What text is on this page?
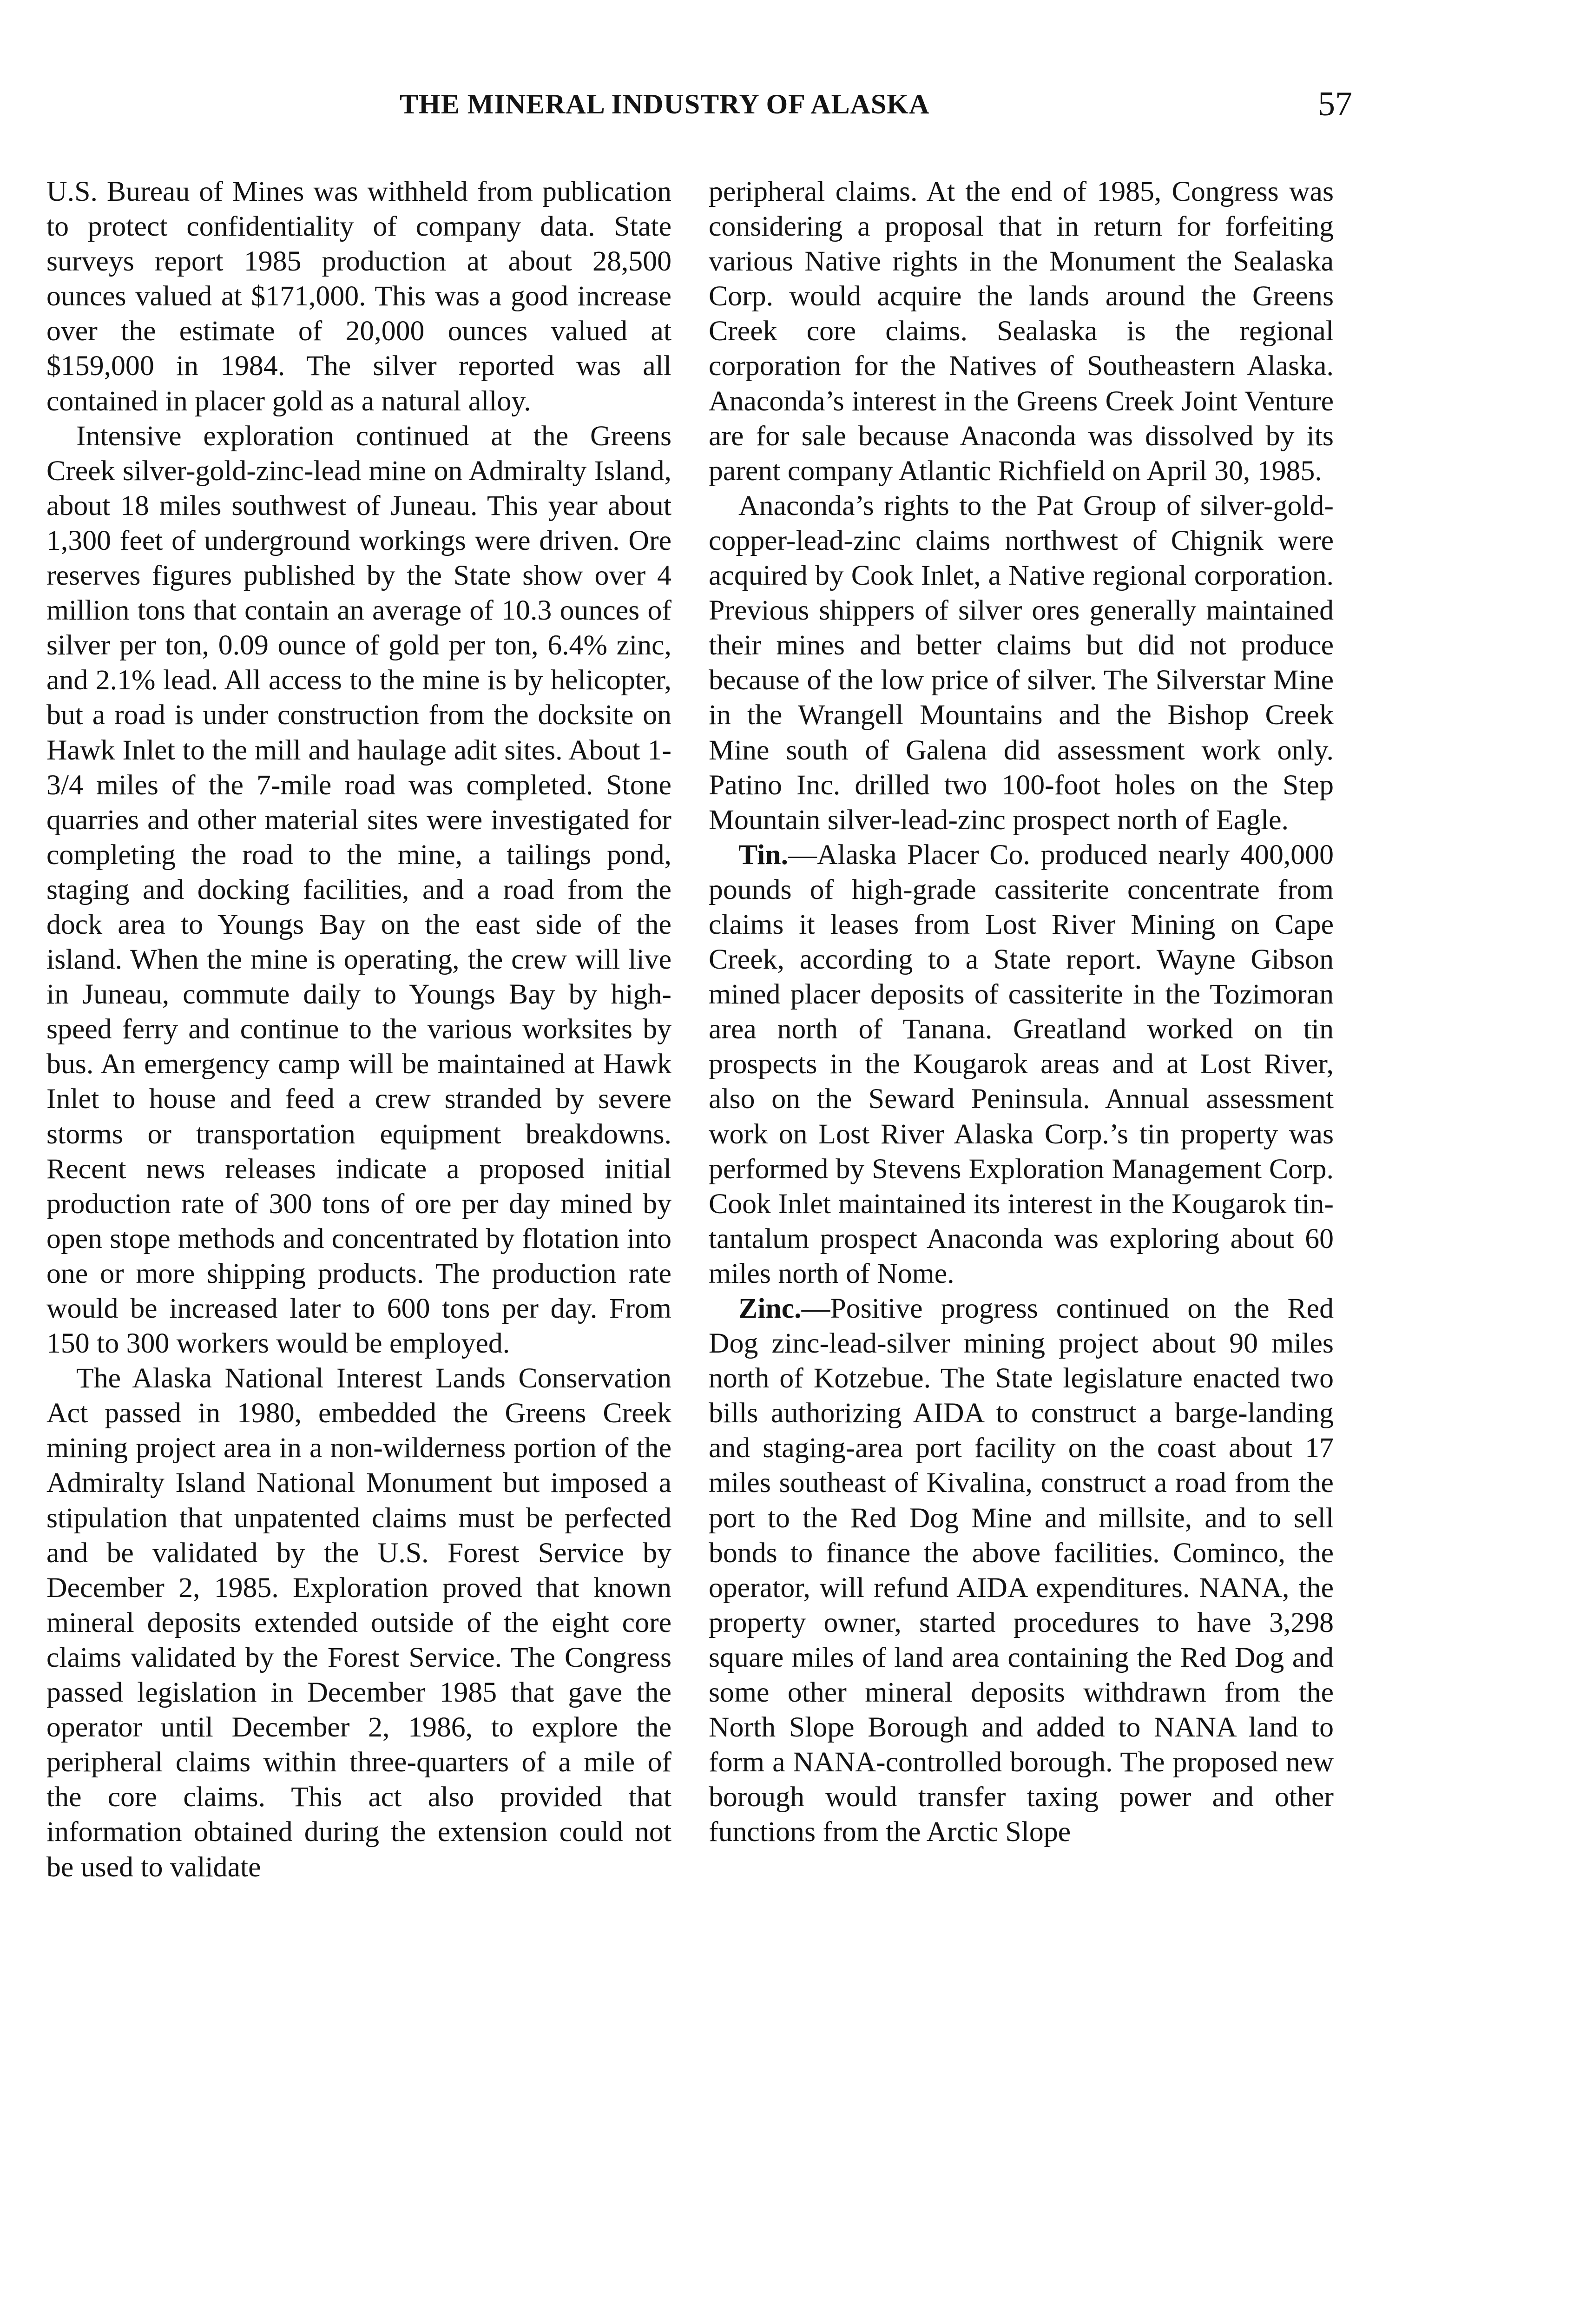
THE MINERAL INDUSTRY OF ALASKA	57

U.S. Bureau of Mines was withheld from publication to protect confidentiality of company data. State surveys report 1985 production at about 28,500 ounces valued at $171,000. This was a good increase over the estimate of 20,000 ounces valued at $159,000 in 1984. The silver reported was all contained in placer gold as a natural alloy.

Intensive exploration continued at the Greens Creek silver-gold-zinc-lead mine on Admiralty Island, about 18 miles southwest of Juneau. This year about 1,300 feet of underground workings were driven. Ore reserves figures published by the State show over 4 million tons that contain an average of 10.3 ounces of silver per ton, 0.09 ounce of gold per ton, 6.4% zinc, and 2.1% lead. All access to the mine is by helicopter, but a road is under construction from the docksite on Hawk Inlet to the mill and haulage adit sites. About 1-3/4 miles of the 7-mile road was completed. Stone quarries and other material sites were investigated for completing the road to the mine, a tailings pond, staging and docking facilities, and a road from the dock area to Youngs Bay on the east side of the island. When the mine is operating, the crew will live in Juneau, commute daily to Youngs Bay by high-speed ferry and continue to the various worksites by bus. An emergency camp will be maintained at Hawk Inlet to house and feed a crew stranded by severe storms or transportation equipment breakdowns. Recent news releases indicate a proposed initial production rate of 300 tons of ore per day mined by open stope methods and concentrated by flotation into one or more shipping products. The production rate would be increased later to 600 tons per day. From 150 to 300 workers would be employed.

The Alaska National Interest Lands Conservation Act passed in 1980, embedded the Greens Creek mining project area in a non-wilderness portion of the Admiralty Island National Monument but imposed a stipulation that unpatented claims must be perfected and be validated by the U.S. Forest Service by December 2, 1985. Exploration proved that known mineral deposits extended outside of the eight core claims validated by the Forest Service. The Congress passed legislation in December 1985 that gave the operator until December 2, 1986, to explore the peripheral claims within three-quarters of a mile of the core claims. This act also provided that information obtained during the extension could not be used to validate

peripheral claims. At the end of 1985, Congress was considering a proposal that in return for forfeiting various Native rights in the Monument the Sealaska Corp. would acquire the lands around the Greens Creek core claims. Sealaska is the regional corporation for the Natives of Southeastern Alaska. Anaconda’s interest in the Greens Creek Joint Venture are for sale because Anaconda was dissolved by its parent company Atlantic Richfield on April 30, 1985.

Anaconda’s rights to the Pat Group of silver-gold-copper-lead-zinc claims northwest of Chignik were acquired by Cook Inlet, a Native regional corporation. Previous shippers of silver ores generally maintained their mines and better claims but did not produce because of the low price of silver. The Silverstar Mine in the Wrangell Mountains and the Bishop Creek Mine south of Galena did assessment work only. Patino Inc. drilled two 100-foot holes on the Step Mountain silver-lead-zinc prospect north of Eagle.

Tin.—Alaska Placer Co. produced nearly 400,000 pounds of high-grade cassiterite concentrate from claims it leases from Lost River Mining on Cape Creek, according to a State report. Wayne Gibson mined placer deposits of cassiterite in the Tozimoran area north of Tanana. Greatland worked on tin prospects in the Kougarok areas and at Lost River, also on the Seward Peninsula. Annual assessment work on Lost River Alaska Corp.’s tin property was performed by Stevens Exploration Management Corp. Cook Inlet maintained its interest in the Kougarok tin-tantalum prospect Anaconda was exploring about 60 miles north of Nome.

Zinc.—Positive progress continued on the Red Dog zinc-lead-silver mining project about 90 miles north of Kotzebue. The State legislature enacted two bills authorizing AIDA to construct a barge-landing and staging-area port facility on the coast about 17 miles southeast of Kivalina, construct a road from the port to the Red Dog Mine and millsite, and to sell bonds to finance the above facilities. Cominco, the operator, will refund AIDA expenditures. NANA, the property owner, started procedures to have 3,298 square miles of land area containing the Red Dog and some other mineral deposits withdrawn from the North Slope Borough and added to NANA land to form a NANA-controlled borough. The proposed new borough would transfer taxing power and other functions from the Arctic Slope
